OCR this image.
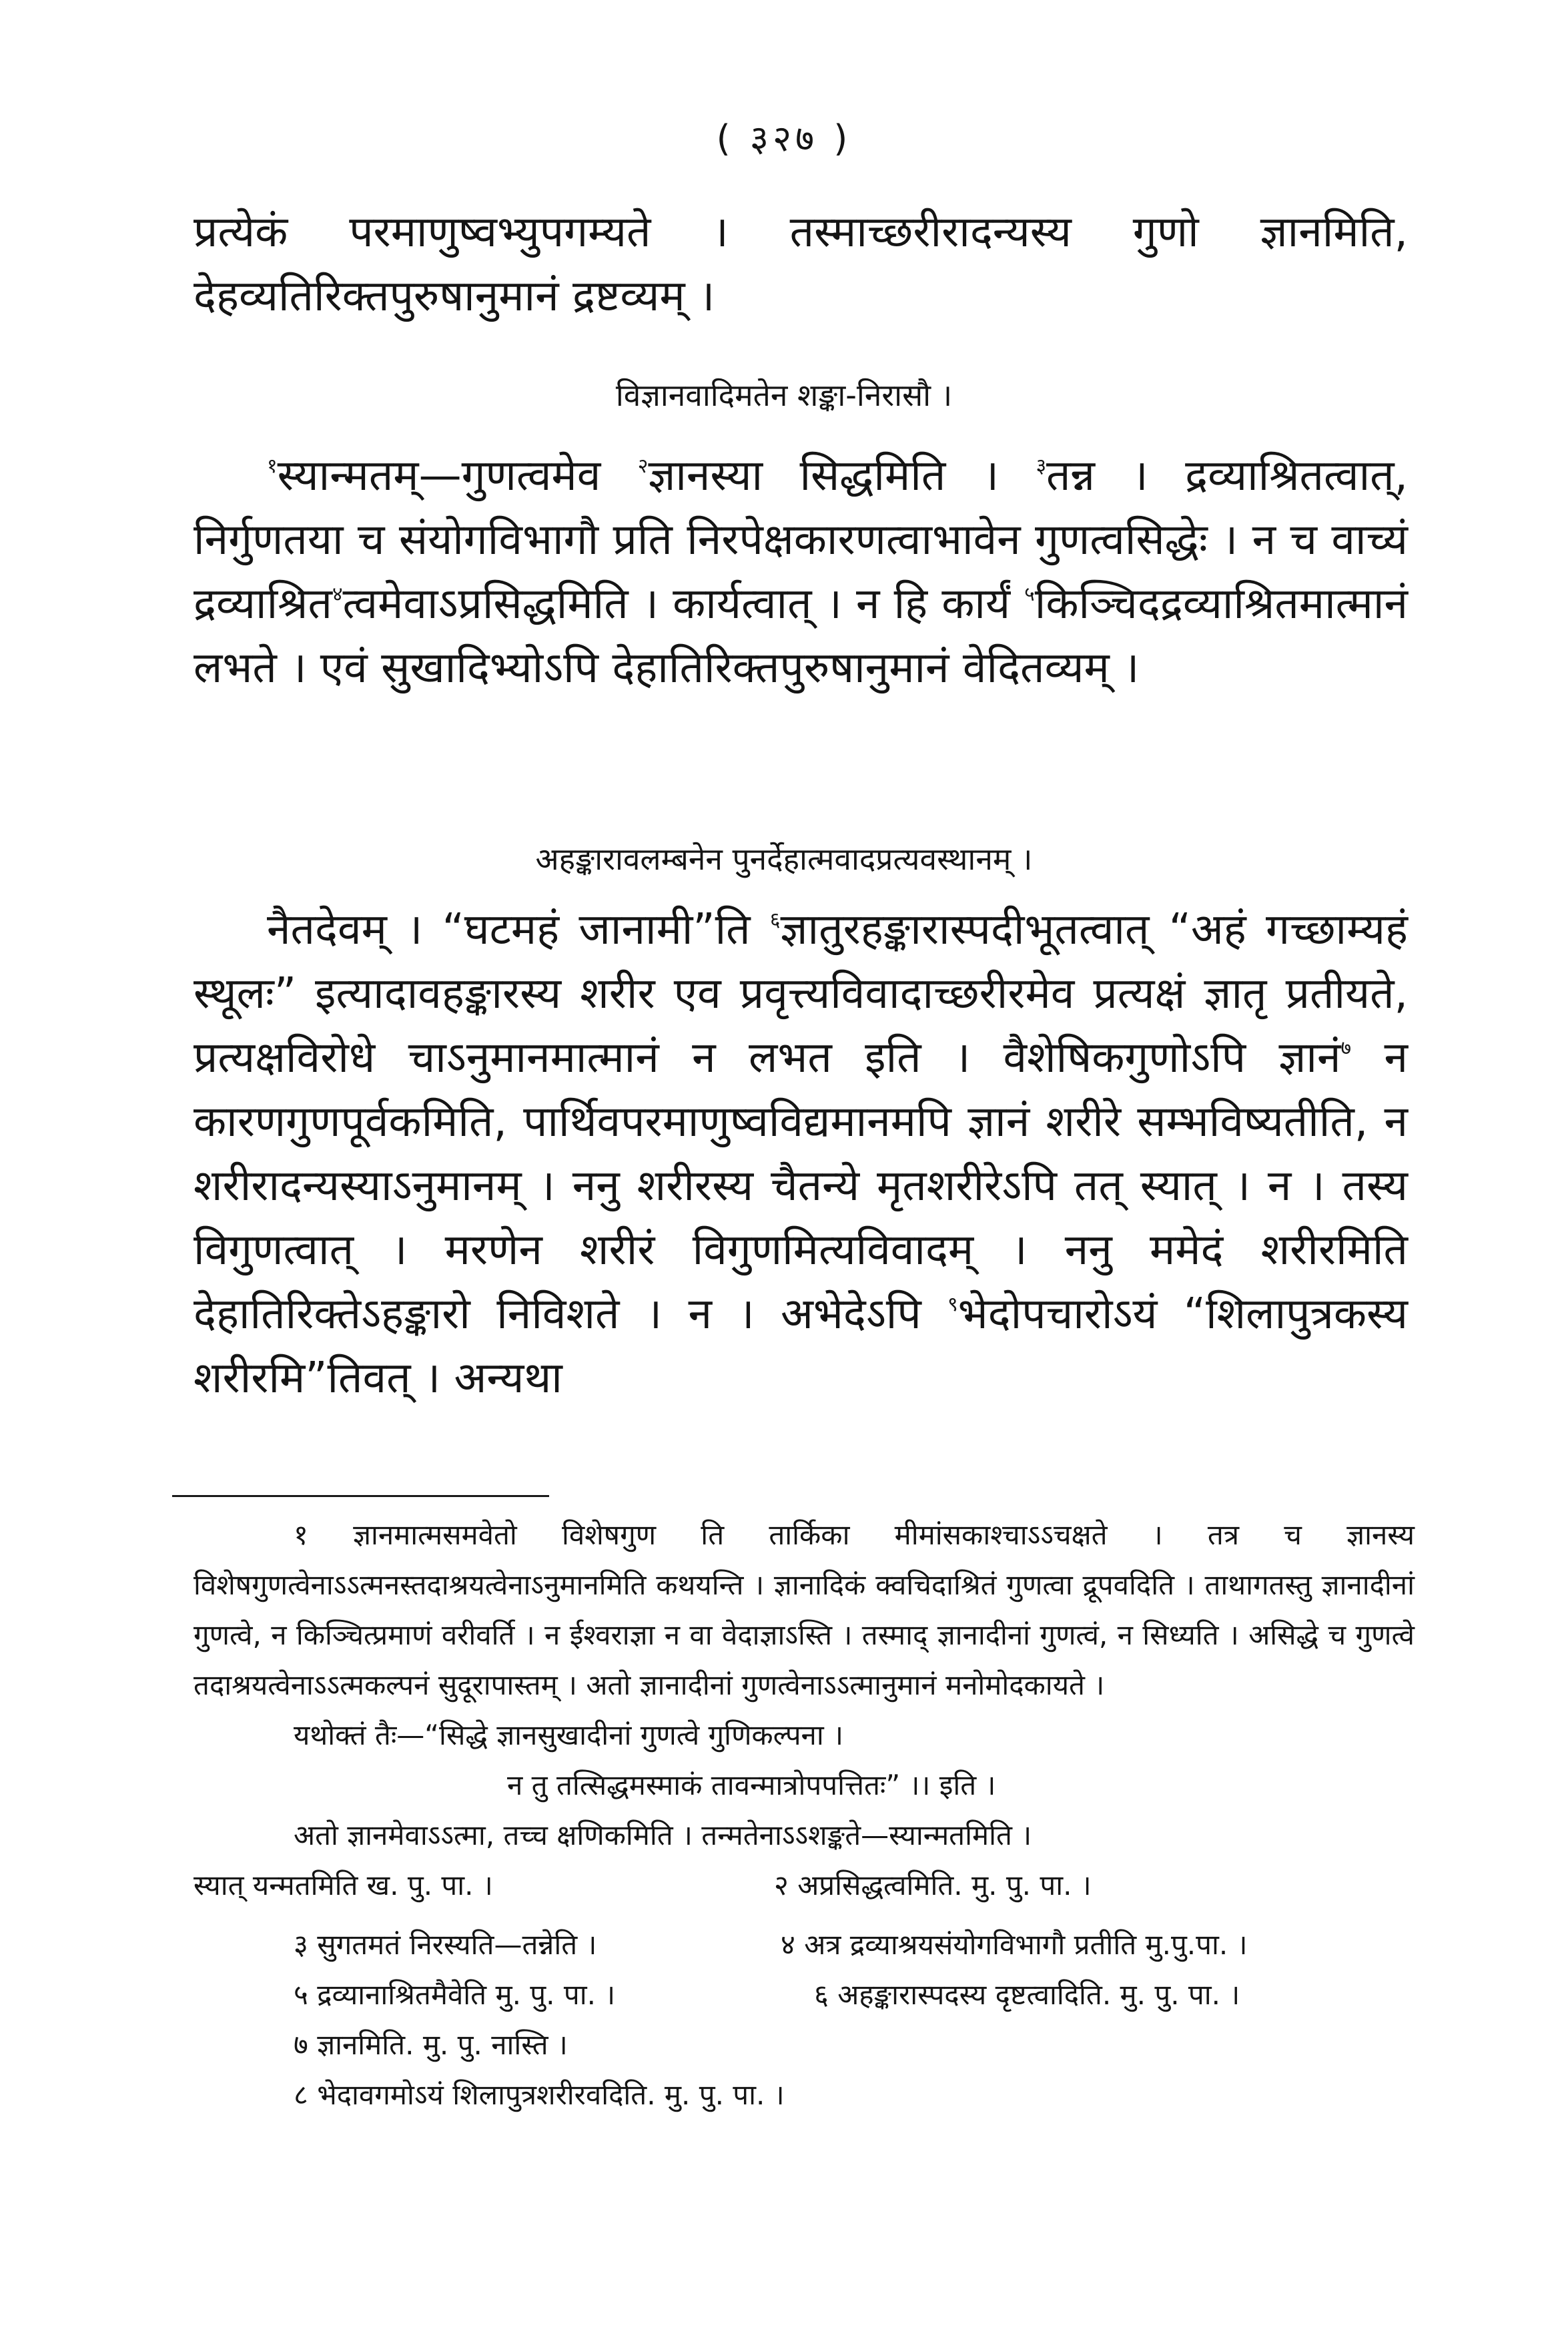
( ३२७ )

प्रत्येकं परमाणुष्वभ्युपगम्यते । तस्माच्छरीरादन्यस्य गुणो ज्ञानमिति, देहव्यतिरिक्तपुरुषानुमानं द्रष्टव्यम् ।

विज्ञानवादिमतेन शङ्का-निरासौ ।

$^१$स्यान्मतम्—गुणत्वमेव $^२$ज्ञानस्या सिद्धमिति । $^३$तन्न । द्रव्याश्रितत्वात्, निर्गुणतया च संयोगविभागौ प्रति निरपेक्षकारणत्वाभावेन गुणत्वसिद्धेः । न च वाच्यं द्रव्याश्रित$^४$त्वमेवाऽप्रसिद्धमिति । कार्यत्वात् । न हि कार्यं $^५$किञ्चिदद्रव्याश्रितमात्मानं लभते । एवं सुखादिभ्योऽपि देहातिरिक्तपुरुषानुमानं वेदितव्यम् ।

अहङ्कारावलम्बनेन पुनर्देहात्मवादप्रत्यवस्थानम् ।

नैतदेवम् । “घटमहं जानामी”ति $^६$ज्ञातुरहङ्कारास्पदीभूतत्वात् “अहं गच्छाम्यहं स्थूलः” इत्यादावहङ्कारस्य शरीर एव प्रवृत्त्यविवादाच्छरीरमेव प्रत्यक्षं ज्ञातृ प्रतीयते, प्रत्यक्षविरोधे चाऽनुमानमात्मानं न लभत इति । वैशेषिकगुणोऽपि ज्ञानं$^७$ न कारणगुणपूर्वकमिति, पार्थिवपरमाणुष्वविद्यमानमपि ज्ञानं शरीरे सम्भविष्यतीति, न शरीरादन्यस्याऽनुमानम् । ननु शरीरस्य चैतन्ये मृतशरीरेऽपि तत् स्यात् । न । तस्य विगुणत्वात् । मरणेन शरीरं विगुणमित्यविवादम् । ननु ममेदं शरीरमिति देहातिरिक्तेऽहङ्कारो निविशते । न । अभेदेऽपि $^९$भेदोपचारोऽयं “शिलापुत्रकस्य शरीरमि”तिवत् । अन्यथा

१ ज्ञानमात्मसमवेतो विशेषगुण ति तार्किका मीमांसकाश्चाऽऽचक्षते । तत्र च ज्ञानस्य विशेषगुणत्वेनाऽऽत्मनस्तदाश्रयत्वेनाऽनुमानमिति कथयन्ति । ज्ञानादिकं क्वचिदाश्रितं गुणत्वा द्रूपवदिति । ताथागतस्तु ज्ञानादीनां गुणत्वे, न किञ्चित्प्रमाणं वरीवर्ति । न ईश्वराज्ञा न वा वेदाज्ञाऽस्ति । तस्माद् ज्ञानादीनां गुणत्वं, न सिध्यति । असिद्धे च गुणत्वे तदाश्रयत्वेनाऽऽत्मकल्पनं सुदूरापास्तम् । अतो ज्ञानादीनां गुणत्वेनाऽऽत्मानुमानं मनोमोदकायते ।

यथोक्तं तैः—“सिद्धे ज्ञानसुखादीनां गुणत्वे गुणिकल्पना ।

न तु तत्सिद्धमस्माकं तावन्मात्रोपपत्तितः” ।। इति ।

अतो ज्ञानमेवाऽऽत्मा, तच्च क्षणिकमिति । तन्मतेनाऽऽशङ्कते—स्यान्मतमिति ।

स्यात् यन्मतमिति ख. पु. पा. ।	२ अप्रसिद्धत्वमिति. मु. पु. पा. ।
३ सुगतमतं निरस्यति—तन्नेति ।	४ अत्र द्रव्याश्रयसंयोगविभागौ प्रतीति मु.पु.पा. ।
५ द्रव्यानाश्रितमैवेति मु. पु. पा. ।	६ अहङ्कारास्पदस्य दृष्टत्वादिति. मु. पु. पा. ।
७ ज्ञानमिति. मु. पु. नास्ति ।
८ भेदावगमोऽयं शिलापुत्रशरीरवदिति. मु. पु. पा. ।
